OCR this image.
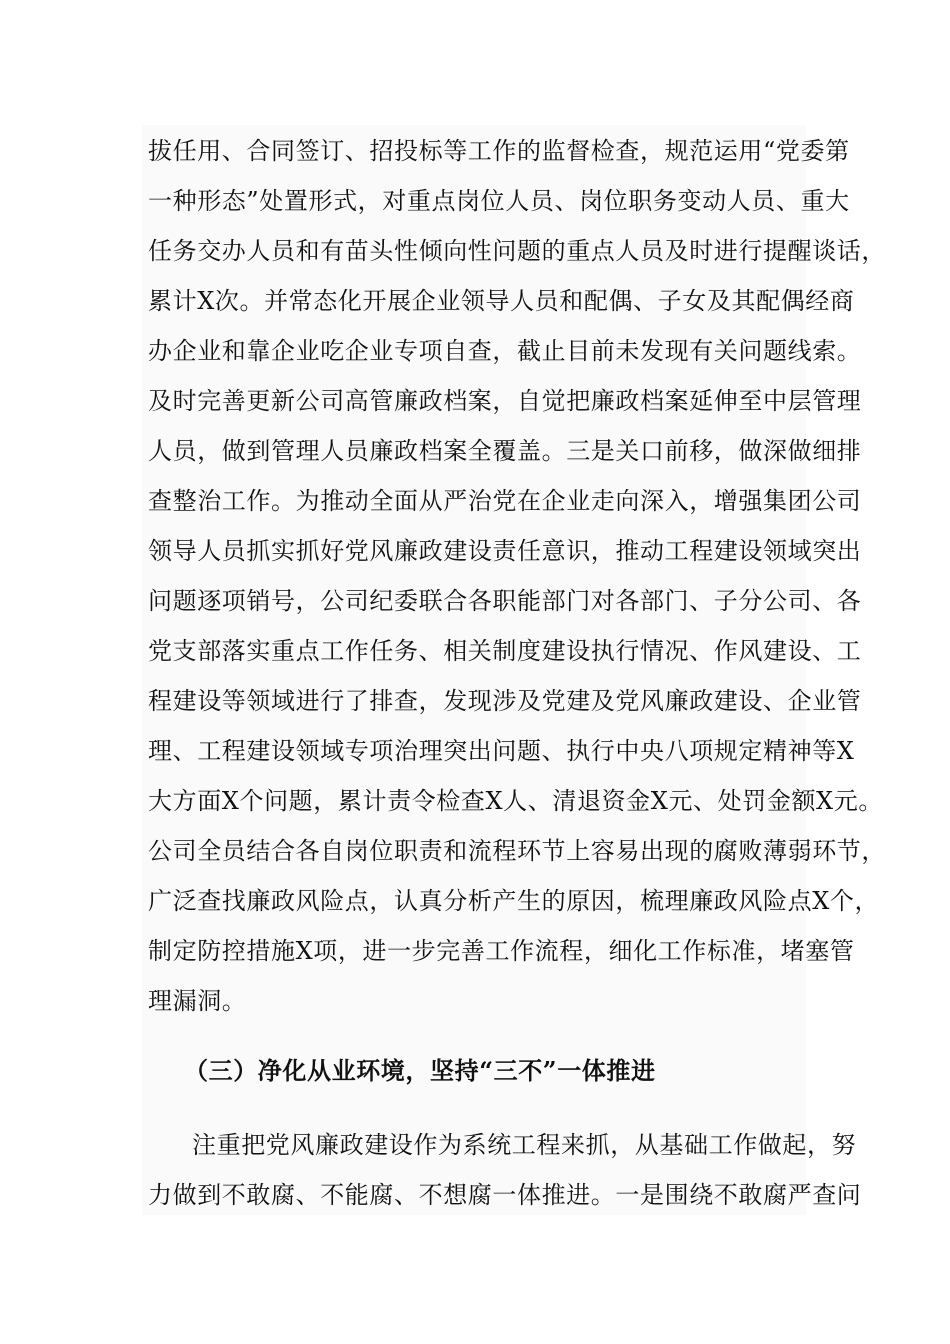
拔任用、合同签订、招投标等工作的监督检查，规范运用“党委第
一种形态”处置形式，对重点岗位人员、岗位职务变动人员、重大
任务交办人员和有苗头性倾向性问题的重点人员及时进行提醒谈话，
累计X次。并常态化开展企业领导人员和配偶、子女及其配偶经商
办企业和靠企业吃企业专项自查，截止目前未发现有关问题线索。
及时完善更新公司高管廉政档案，自觉把廉政档案延伸至中层管理
人员，做到管理人员廉政档案全覆盖。三是关口前移，做深做细排
查整治工作。为推动全面从严治党在企业走向深入，增强集团公司
领导人员抓实抓好党风廉政建设责任意识，推动工程建设领域突出
问题逐项销号，公司纪委联合各职能部门对各部门、子分公司、各
党支部落实重点工作任务、相关制度建设执行情况、作风建设、工
程建设等领域进行了排查，发现涉及党建及党风廉政建设、企业管
理、工程建设领域专项治理突出问题、执行中央八项规定精神等X
大方面X个问题，累计责令检查X人、清退资金X元、处罚金额X元。
公司全员结合各自岗位职责和流程环节上容易出现的腐败薄弱环节，
广泛查找廉政风险点，认真分析产生的原因，梳理廉政风险点X个，
制定防控措施X项，进一步完善工作流程，细化工作标准，堵塞管
理漏洞。
（三）净化从业环境，坚持“三不”一体推进
注重把党风廉政建设作为系统工程来抓，从基础工作做起，努
力做到不敢腐、不能腐、不想腐一体推进。一是围绕不敢腐严查问
